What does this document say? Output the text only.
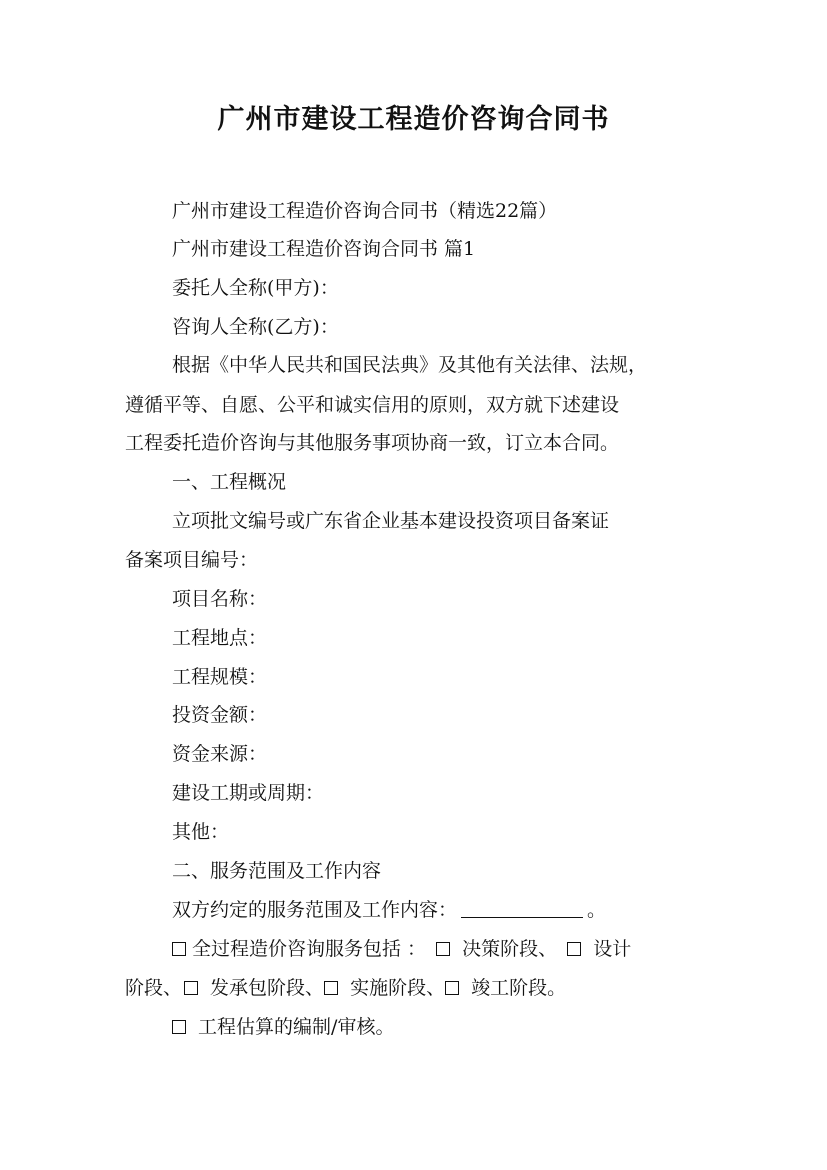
广州市建设工程造价咨询合同书
广州市建设工程造价咨询合同书（精选22篇）
广州市建设工程造价咨询合同书 篇1
委托人全称(甲方)：
咨询人全称(乙方)：
根据《中华人民共和国民法典》及其他有关法律、法规，
遵循平等、自愿、公平和诚实信用的原则，双方就下述建设
工程委托造价咨询与其他服务事项协商一致，订立本合同。
一、工程概况
立项批文编号或广东省企业基本建设投资项目备案证
备案项目编号：
项目名称：
工程地点：
工程规模：
投资金额：
资金来源：
建设工期或周期：
其他：
二、服务范围及工作内容
双方约定的服务范围及工作内容：	。
全过程造价咨询服务包括 ：  决策阶段、  设计
阶段、 发承包阶段、 实施阶段、 竣工阶段。
工程估算的编制/审核。
